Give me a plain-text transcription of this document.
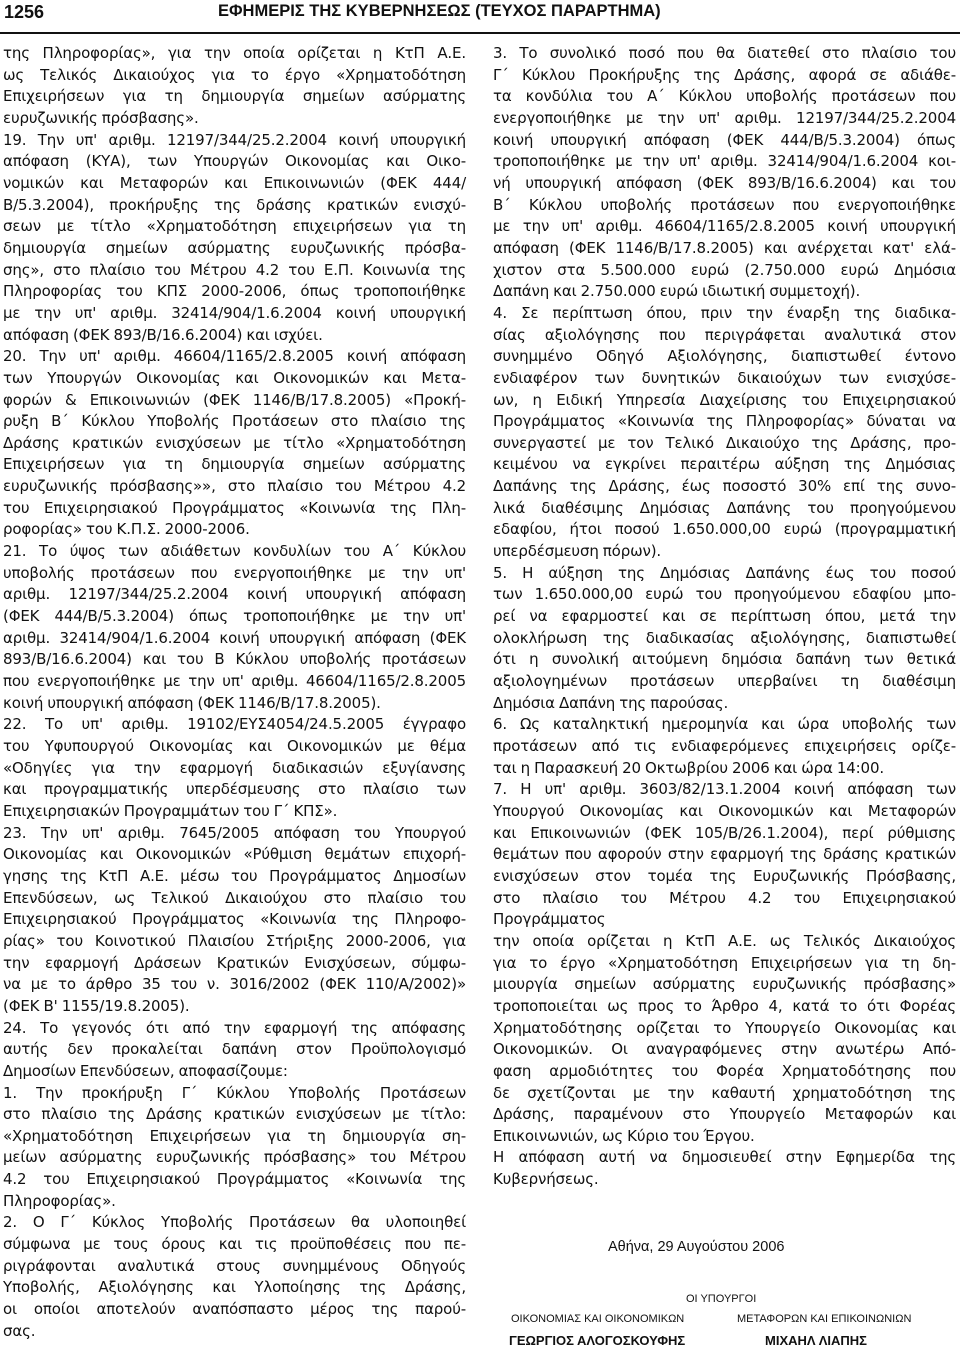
1256	ΕΦΗΜΕΡΙΣ ΤΗΣ ΚΥΒΕΡΝΗΣΕΩΣ (ΤΕΥΧΟΣ ΠΑΡΑΡΤΗΜΑ)

της Πληροφορίας», για την οποία ορίζεται η ΚτΠ Α.Ε.

ως Τελικός Δικαιούχος για το έργο «Χρηματοδότηση

Επιχειρήσεων για τη δημιουργία σημείων ασύρματης

ευρυζωνικής πρόσβασης».

19. Την υπ' αριθμ. 12197/344/25.2.2004 κοινή υπουργική

απόφαση (ΚΥΑ), των Υπουργών Οικονομίας και Οικο-

νομικών και Μεταφορών και Επικοινωνιών (ΦΕΚ 444/

Β/5.3.2004), προκήρυξης της δράσης κρατικών ενισχύ-

σεων με τίτλο «Χρηματοδότηση επιχειρήσεων για τη

δημιουργία σημείων ασύρματης ευρυζωνικής πρόσβα-

σης», στο πλαίσιο του Μέτρου 4.2 του Ε.Π. Κοινωνία της

Πληροφορίας του ΚΠΣ 2000-2006, όπως τροποποιήθηκε

με την υπ' αριθμ. 32414/904/1.6.2004 κοινή υπουργική

απόφαση (ΦΕΚ 893/Β/16.6.2004) και ισχύει.

20. Την υπ' αριθμ. 46604/1165/2.8.2005 κοινή απόφαση

των Υπουργών Οικονομίας και Οικονομικών και Μετα-

φορών & Επικοινωνιών (ΦΕΚ 1146/Β/17.8.2005) «Προκή-

ρυξη Β΄ Κύκλου Υποβολής Προτάσεων στο πλαίσιο της

Δράσης κρατικών ενισχύσεων με τίτλο «Χρηματοδότηση

Επιχειρήσεων για τη δημιουργία σημείων ασύρματης

ευρυζωνικής πρόσβασης»», στο πλαίσιο του Μέτρου 4.2

του Επιχειρησιακού Προγράμματος «Κοινωνία της Πλη-

ροφορίας» του Κ.Π.Σ. 2000-2006.

21. Το ύψος των αδιάθετων κονδυλίων του Α΄ Κύκλου

υποβολής προτάσεων που ενεργοποιήθηκε με την υπ'

αριθμ. 12197/344/25.2.2004 κοινή υπουργική απόφαση

(ΦΕΚ 444/Β/5.3.2004) όπως τροποποιήθηκε με την υπ'

αριθμ. 32414/904/1.6.2004 κοινή υπουργική απόφαση (ΦΕΚ

893/Β/16.6.2004) και του Β Κύκλου υποβολής προτάσεων

που ενεργοποιήθηκε με την υπ' αριθμ. 46604/1165/2.8.2005

κοινή υπουργική απόφαση (ΦΕΚ 1146/Β/17.8.2005).

22. Το υπ' αριθμ. 19102/ΕΥΣ4054/24.5.2005 έγγραφο

του Υφυπουργού Οικονομίας και Οικονομικών με θέμα

«Οδηγίες για την εφαρμογή διαδικασιών εξυγίανσης

και προγραμματικής υπερδέσμευσης στο πλαίσιο των

Επιχειρησιακών Προγραμμάτων του Γ΄ ΚΠΣ».

23. Την υπ' αριθμ. 7645/2005 απόφαση του Υπουργού

Οικονομίας και Οικονομικών «Ρύθμιση θεμάτων επιχορή-

γησης της ΚτΠ Α.Ε. μέσω του Προγράμματος Δημοσίων

Επενδύσεων, ως Τελικού Δικαιούχου στο πλαίσιο του

Επιχειρησιακού Προγράμματος «Κοινωνία της Πληροφο-

ρίας» του Κοινοτικού Πλαισίου Στήριξης 2000-2006, για

την εφαρμογή Δράσεων Κρατικών Ενισχύσεων, σύμφω-

να με το άρθρο 35 του ν. 3016/2002 (ΦΕΚ 110/Α/2002)»

(ΦΕΚ Β' 1155/19.8.2005).

24. Το γεγονός ότι από την εφαρμογή της απόφασης

αυτής δεν προκαλείται δαπάνη στον Προϋπολογισμό

Δημοσίων Επενδύσεων, αποφασίζουμε:

1. Την προκήρυξη Γ΄ Κύκλου Υποβολής Προτάσεων

στο πλαίσιο της Δράσης κρατικών ενισχύσεων με τίτλο:

«Χρηματοδότηση Επιχειρήσεων για τη δημιουργία ση-

μείων ασύρματης ευρυζωνικής πρόσβασης» του Μέτρου

4.2 του Επιχειρησιακού Προγράμματος «Κοινωνία της

Πληροφορίας».

2. Ο Γ΄ Κύκλος Υποβολής Προτάσεων θα υλοποιηθεί

σύμφωνα με τους όρους και τις προϋποθέσεις που πε-

ριγράφονται αναλυτικά στους συνημμένους Οδηγούς

Υποβολής, Αξιολόγησης και Υλοποίησης της Δράσης,

οι οποίοι αποτελούν αναπόσπαστο μέρος της παρού-

σας.

3. Το συνολικό ποσό που θα διατεθεί στο πλαίσιο του

Γ΄ Κύκλου Προκήρυξης της Δράσης, αφορά σε αδιάθε-

τα κονδύλια του Α΄ Κύκλου υποβολής προτάσεων που

ενεργοποιήθηκε με την υπ' αριθμ. 12197/344/25.2.2004

κοινή υπουργική απόφαση (ΦΕΚ 444/Β/5.3.2004) όπως

τροποποιήθηκε με την υπ' αριθμ. 32414/904/1.6.2004 κοι-

νή υπουργική απόφαση (ΦΕΚ 893/Β/16.6.2004) και του

Β΄ Κύκλου υποβολής προτάσεων που ενεργοποιήθηκε

με την υπ' αριθμ. 46604/1165/2.8.2005 κοινή υπουργική

απόφαση (ΦΕΚ 1146/Β/17.8.2005) και ανέρχεται κατ' ελά-

χιστον στα 5.500.000 ευρώ (2.750.000 ευρώ Δημόσια

Δαπάνη και 2.750.000 ευρώ ιδιωτική συμμετοχή).

4. Σε περίπτωση όπου, πριν την έναρξη της διαδικα-

σίας αξιολόγησης που περιγράφεται αναλυτικά στον

συνημμένο Οδηγό Αξιολόγησης, διαπιστωθεί έντονο

ενδιαφέρον των δυνητικών δικαιούχων των ενισχύσε-

ων, η Ειδική Υπηρεσία Διαχείρισης του Επιχειρησιακού

Προγράμματος «Κοινωνία της Πληροφορίας» δύναται να

συνεργαστεί με τον Τελικό Δικαιούχο της Δράσης, προ-

κειμένου να εγκρίνει περαιτέρω αύξηση της Δημόσιας

Δαπάνης της Δράσης, έως ποσοστό 30% επί της συνο-

λικά διαθέσιμης Δημόσιας Δαπάνης του προηγούμενου

εδαφίου, ήτοι ποσού 1.650.000,00 ευρώ (προγραμματική

υπερδέσμευση πόρων).

5. Η αύξηση της Δημόσιας Δαπάνης έως του ποσού

των 1.650.000,00 ευρώ του προηγούμενου εδαφίου μπο-

ρεί να εφαρμοστεί και σε περίπτωση όπου, μετά την

ολοκλήρωση της διαδικασίας αξιολόγησης, διαπιστωθεί

ότι η συνολική αιτούμενη δημόσια δαπάνη των θετικά

αξιολογημένων προτάσεων υπερβαίνει τη διαθέσιμη

Δημόσια Δαπάνη της παρούσας.

6. Ως καταληκτική ημερομηνία και ώρα υποβολής των

προτάσεων από τις ενδιαφερόμενες επιχειρήσεις ορίζε-

ται η Παρασκευή 20 Οκτωβρίου 2006 και ώρα 14:00.

7. Η υπ' αριθμ. 3603/82/13.1.2004 κοινή απόφαση των

Υπουργού Οικονομίας και Οικονομικών και Μεταφορών

και Επικοινωνιών (ΦΕΚ 105/Β/26.1.2004), περί ρύθμισης

θεμάτων που αφορούν στην εφαρμογή της δράσης κρατικών

ενισχύσεων στον τομέα της Ευρυζωνικής Πρόσβασης,

στο πλαίσιο του Μέτρου 4.2 του Επιχειρησιακού Προγράμματος

την οποία ορίζεται η ΚτΠ Α.Ε. ως Τελικός Δικαιούχος

για το έργο «Χρηματοδότηση Επιχειρήσεων για τη δη-

μιουργία σημείων ασύρματης ευρυζωνικής πρόσβασης»

τροποποιείται ως προς το Άρθρο 4, κατά το ότι Φορέας

Χρηματοδότησης ορίζεται το Υπουργείο Οικονομίας και

Οικονομικών. Οι αναγραφόμενες στην ανωτέρω Από-

φαση αρμοδιότητες του Φορέα Χρηματοδότησης που

δε σχετίζονται με την καθαυτή χρηματοδότηση της

Δράσης, παραμένουν στο Υπουργείο Μεταφορών και

Επικοινωνιών, ως Κύριο του Έργου.

Η απόφαση αυτή να δημοσιευθεί στην Εφημερίδα της

Κυβερνήσεως.

Αθήνα, 29 Αυγούστου 2006
ΟΙ ΥΠΟΥΡΓΟΙ
ΟΙΚΟΝΟΜΙΑΣ ΚΑΙ ΟΙΚΟΝΟΜΙΚΩΝ	ΜΕΤΑΦΟΡΩΝ ΚΑΙ ΕΠΙΚΟΙΝΩΝΙΩΝ
ΓΕΩΡΓΙΟΣ ΑΛΟΓΟΣΚΟΥΦΗΣ	ΜΙΧΑΗΛ ΛΙΑΠΗΣ
